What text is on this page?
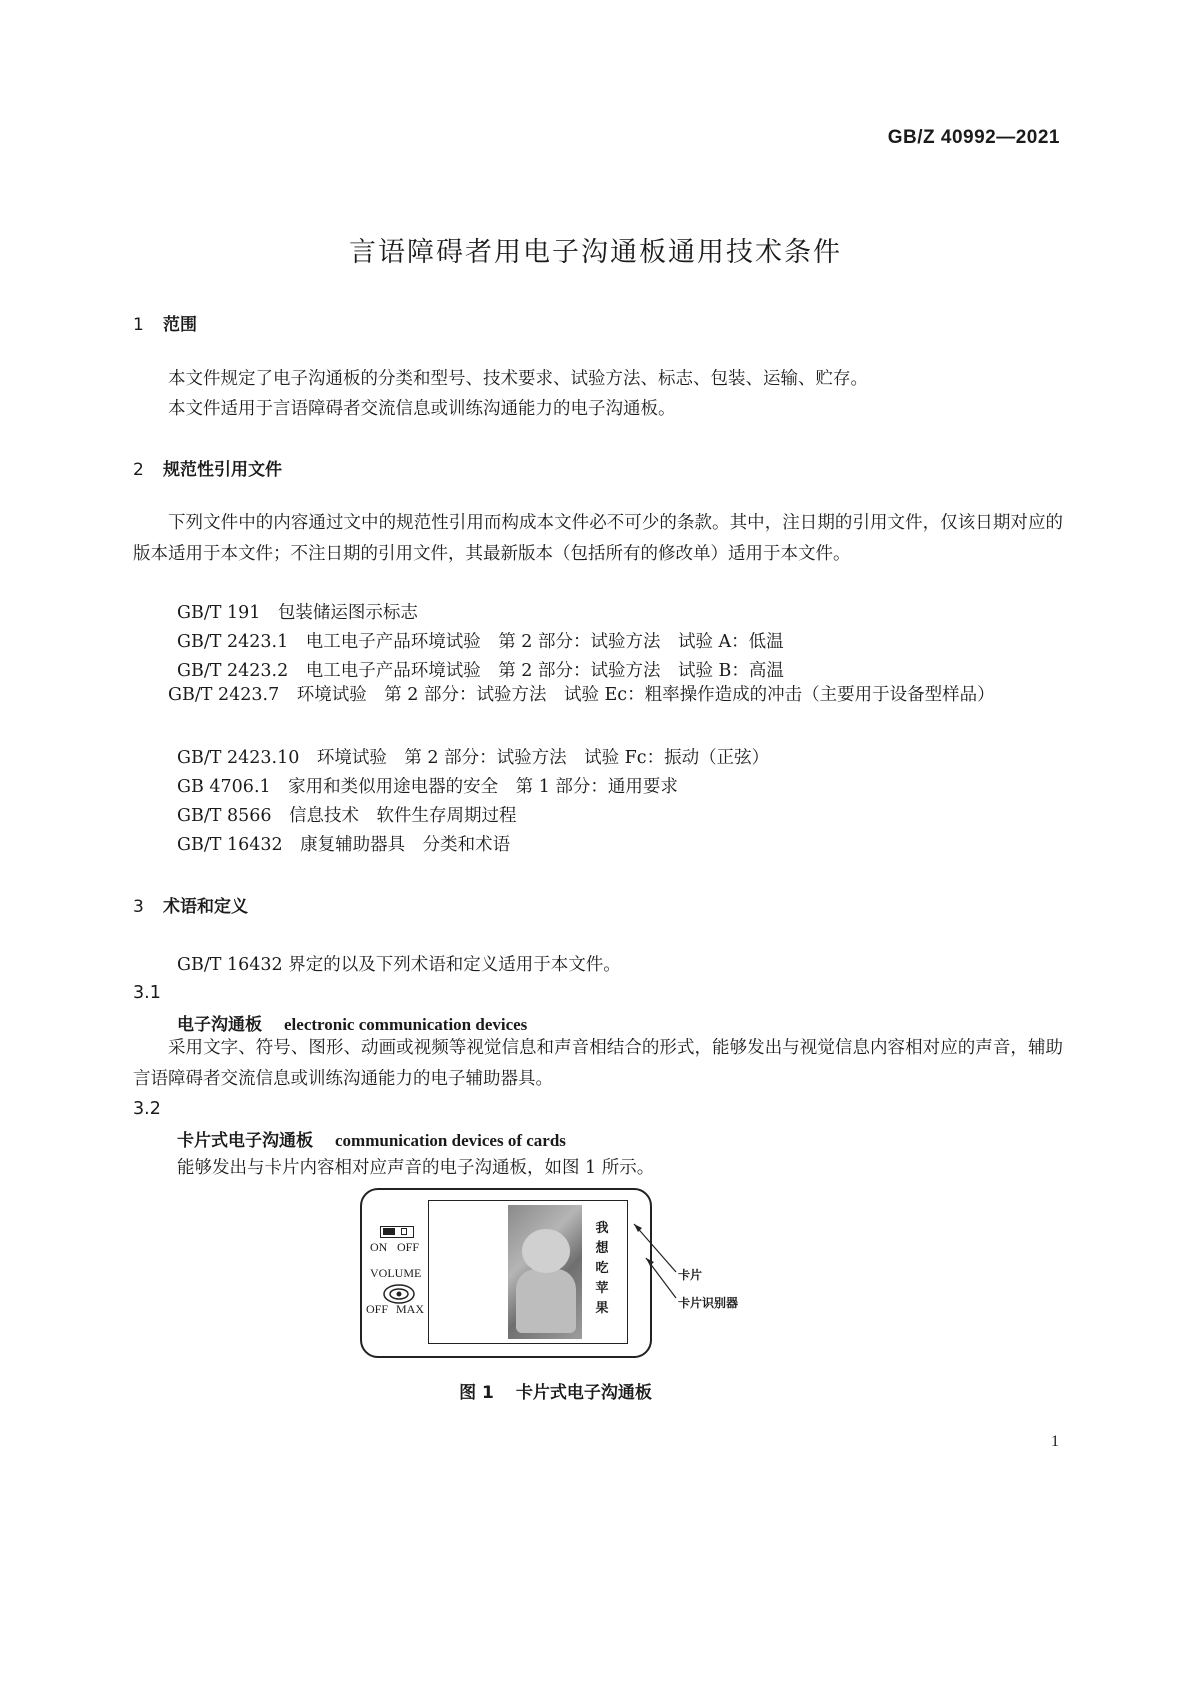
GB/Z 40992—2021
言语障碍者用电子沟通板通用技术条件
1 范围
本文件规定了电子沟通板的分类和型号、技术要求、试验方法、标志、包装、运输、贮存。
本文件适用于言语障碍者交流信息或训练沟通能力的电子沟通板。
2 规范性引用文件
下列文件中的内容通过文中的规范性引用而构成本文件必不可少的条款。其中，注日期的引用文件，仅该日期对应的版本适用于本文件；不注日期的引用文件，其最新版本（包括所有的修改单）适用于本文件。
GB/T 191　包装储运图示标志
GB/T 2423.1　电工电子产品环境试验　第 2 部分：试验方法　试验 A：低温
GB/T 2423.2　电工电子产品环境试验　第 2 部分：试验方法　试验 B：高温
GB/T 2423.7　环境试验　第 2 部分：试验方法　试验 Ec：粗率操作造成的冲击（主要用于设备型样品）
GB/T 2423.10　环境试验　第 2 部分：试验方法　试验 Fc：振动（正弦）
GB 4706.1　家用和类似用途电器的安全　第 1 部分：通用要求
GB/T 8566　信息技术　软件生存周期过程
GB/T 16432　康复辅助器具　分类和术语
3 术语和定义
GB/T 16432 界定的以及下列术语和定义适用于本文件。
3.1
电子沟通板 electronic communication devices
采用文字、符号、图形、动画或视频等视觉信息和声音相结合的形式，能够发出与视觉信息内容相对应的声音，辅助言语障碍者交流信息或训练沟通能力的电子辅助器具。
3.2
卡片式电子沟通板 communication devices of cards
能够发出与卡片内容相对应声音的电子沟通板，如图 1 所示。
ON OFF
VOLUME
OFF MAX
我
想
吃
苹
果
卡片
卡片识别器
图 1 卡片式电子沟通板
1
